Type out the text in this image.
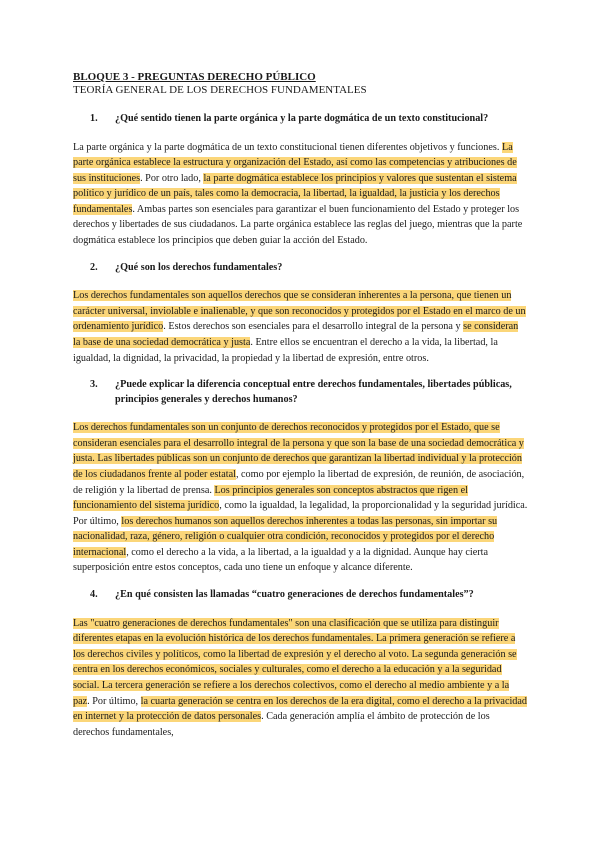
BLOQUE 3 - PREGUNTAS DERECHO PÚBLICO
TEORÍA GENERAL DE LOS DERECHOS FUNDAMENTALES
1.	¿Qué sentido tienen la parte orgánica y la parte dogmática de un texto constitucional?

La parte orgánica y la parte dogmática de un texto constitucional tienen diferentes objetivos y funciones. La parte orgánica establece la estructura y organización del Estado, así como las competencias y atribuciones de sus instituciones. Por otro lado, la parte dogmática establece los principios y valores que sustentan el sistema político y jurídico de un país, tales como la democracia, la libertad, la igualdad, la justicia y los derechos fundamentales. Ambas partes son esenciales para garantizar el buen funcionamiento del Estado y proteger los derechos y libertades de sus ciudadanos. La parte orgánica establece las reglas del juego, mientras que la parte dogmática establece los principios que deben guiar la acción del Estado.

2.	¿Qué son los derechos fundamentales?

Los derechos fundamentales son aquellos derechos que se consideran inherentes a la persona, que tienen un carácter universal, inviolable e inalienable, y que son reconocidos y protegidos por el Estado en el marco de un ordenamiento jurídico. Estos derechos son esenciales para el desarrollo integral de la persona y se consideran la base de una sociedad democrática y justa. Entre ellos se encuentran el derecho a la vida, la libertad, la igualdad, la dignidad, la privacidad, la propiedad y la libertad de expresión, entre otros.

3.	¿Puede explicar la diferencia conceptual entre derechos fundamentales, libertades públicas, principios generales y derechos humanos?

Los derechos fundamentales son un conjunto de derechos reconocidos y protegidos por el Estado, que se consideran esenciales para el desarrollo integral de la persona y que son la base de una sociedad democrática y justa. Las libertades públicas son un conjunto de derechos que garantizan la libertad individual y la protección de los ciudadanos frente al poder estatal, como por ejemplo la libertad de expresión, de reunión, de asociación, de religión y la libertad de prensa. Los principios generales son conceptos abstractos que rigen el funcionamiento del sistema jurídico, como la igualdad, la legalidad, la proporcionalidad y la seguridad jurídica. Por último, los derechos humanos son aquellos derechos inherentes a todas las personas, sin importar su nacionalidad, raza, género, religión o cualquier otra condición, reconocidos y protegidos por el derecho internacional, como el derecho a la vida, a la libertad, a la igualdad y a la dignidad. Aunque hay cierta superposición entre estos conceptos, cada uno tiene un enfoque y alcance diferente.

4.	¿En qué consisten las llamadas “cuatro generaciones de derechos fundamentales”?

Las "cuatro generaciones de derechos fundamentales" son una clasificación que se utiliza para distinguir diferentes etapas en la evolución histórica de los derechos fundamentales. La primera generación se refiere a los derechos civiles y políticos, como la libertad de expresión y el derecho al voto. La segunda generación se centra en los derechos económicos, sociales y culturales, como el derecho a la educación y a la seguridad social. La tercera generación se refiere a los derechos colectivos, como el derecho al medio ambiente y a la paz. Por último, la cuarta generación se centra en los derechos de la era digital, como el derecho a la privacidad en internet y la protección de datos personales. Cada generación amplía el ámbito de protección de los derechos fundamentales,
